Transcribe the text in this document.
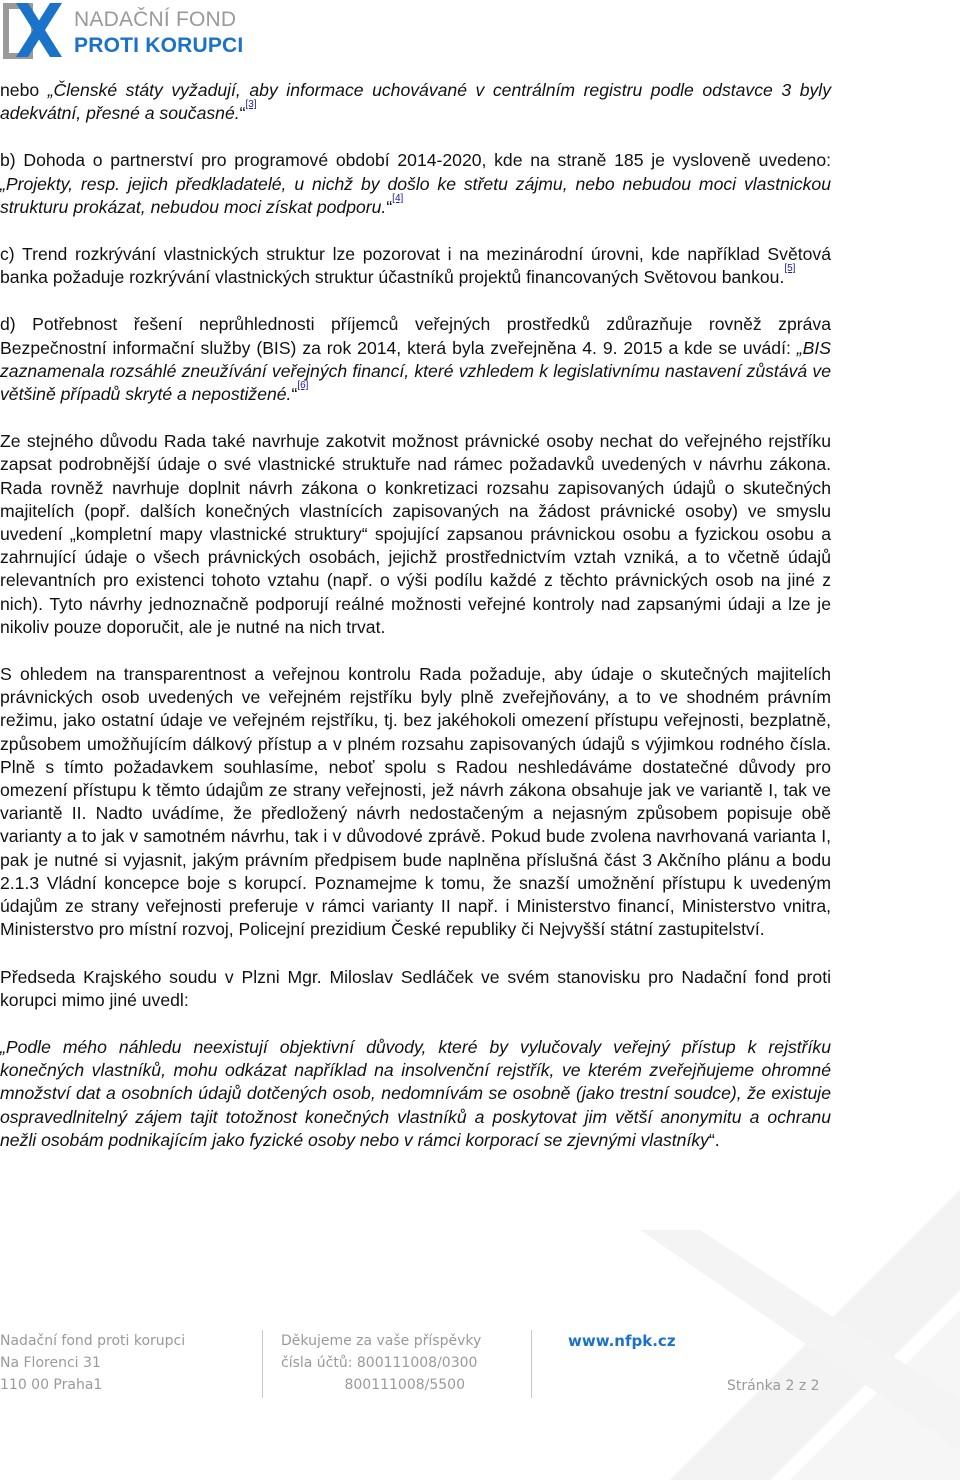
NADAČNÍ FOND
PROTI KORUPCI

nebo „Členské státy vyžadují, aby informace uchovávané v centrálním registru podle odstavce 3 byly adekvátní, přesné a současné.“[3]

b) Dohoda o partnerství pro programové období 2014-2020, kde na straně 185 je vysloveně uvedeno: „Projekty, resp. jejich předkladatelé, u nichž by došlo ke střetu zájmu, nebo nebudou moci vlastnickou strukturu prokázat, nebudou moci získat podporu.“[4]

c) Trend rozkrývání vlastnických struktur lze pozorovat i na mezinárodní úrovni, kde například Světová banka požaduje rozkrývání vlastnických struktur účastníků projektů financovaných Světovou bankou.[5]

d) Potřebnost řešení neprůhlednosti příjemců veřejných prostředků zdůrazňuje rovněž zpráva Bezpečnostní informační služby (BIS) za rok 2014, která byla zveřejněna 4. 9. 2015 a kde se uvádí: „BIS zaznamenala rozsáhlé zneužívání veřejných financí, které vzhledem k legislativnímu nastavení zůstává ve většině případů skryté a nepostižené.“[6]

Ze stejného důvodu Rada také navrhuje zakotvit možnost právnické osoby nechat do veřejného rejstříku zapsat podrobnější údaje o své vlastnické struktuře nad rámec požadavků uvedených v návrhu zákona. Rada rovněž navrhuje doplnit návrh zákona o konkretizaci rozsahu zapisovaných údajů o skutečných majitelích (popř. dalších konečných vlastnících zapisovaných na žádost právnické osoby) ve smyslu uvedení „kompletní mapy vlastnické struktury“ spojující zapsanou právnickou osobu a fyzickou osobu a zahrnující údaje o všech právnických osobách, jejichž prostřednictvím vztah vzniká, a to včetně údajů relevantních pro existenci tohoto vztahu (např. o výši podílu každé z těchto právnických osob na jiné z nich). Tyto návrhy jednoznačně podporují reálné možnosti veřejné kontroly nad zapsanými údaji a lze je nikoliv pouze doporučit, ale je nutné na nich trvat.

S ohledem na transparentnost a veřejnou kontrolu Rada požaduje, aby údaje o skutečných majitelích právnických osob uvedených ve veřejném rejstříku byly plně zveřejňovány, a to ve shodném právním režimu, jako ostatní údaje ve veřejném rejstříku, tj. bez jakéhokoli omezení přístupu veřejnosti, bezplatně, způsobem umožňujícím dálkový přístup a v plném rozsahu zapisovaných údajů s výjimkou rodného čísla. Plně s tímto požadavkem souhlasíme, neboť spolu s Radou neshledáváme dostatečné důvody pro omezení přístupu k těmto údajům ze strany veřejnosti, jež návrh zákona obsahuje jak ve variantě I, tak ve variantě II. Nadto uvádíme, že předložený návrh nedostačeným a nejasným způsobem popisuje obě varianty a to jak v samotném návrhu, tak i v důvodové zprávě. Pokud bude zvolena navrhovaná varianta I, pak je nutné si vyjasnit, jakým právním předpisem bude naplněna příslušná část 3 Akčního plánu a bodu 2.1.3 Vládní koncepce boje s korupcí. Poznamejme k tomu, že snazší umožnění přístupu k uvedeným údajům ze strany veřejnosti preferuje v rámci varianty II např. i Ministerstvo financí, Ministerstvo vnitra, Ministerstvo pro místní rozvoj, Policejní prezidium České republiky či Nejvyšší státní zastupitelství.

Předseda Krajského soudu v Plzni Mgr. Miloslav Sedláček ve svém stanovisku pro Nadační fond proti korupci mimo jiné uvedl:

„Podle mého náhledu neexistují objektivní důvody, které by vylučovaly veřejný přístup k rejstříku konečných vlastníků, mohu odkázat například na insolvenční rejstřík, ve kterém zveřejňujeme ohromné množství dat a osobních údajů dotčených osob, nedomnívám se osobně (jako trestní soudce), že existuje ospravedlnitelný zájem tajit totožnost konečných vlastníků a poskytovat jim větší anonymitu a ochranu nežli osobám podnikajícím jako fyzické osoby nebo v rámci korporací se zjevnými vlastníky“.

Nadační fond proti korupci
Na Florenci 31
110 00 Praha1
Děkujeme za vaše příspěvky
čísla účtů: 800111008/0300
800111008/5500
www.nfpk.cz
Stránka 2 z 2
